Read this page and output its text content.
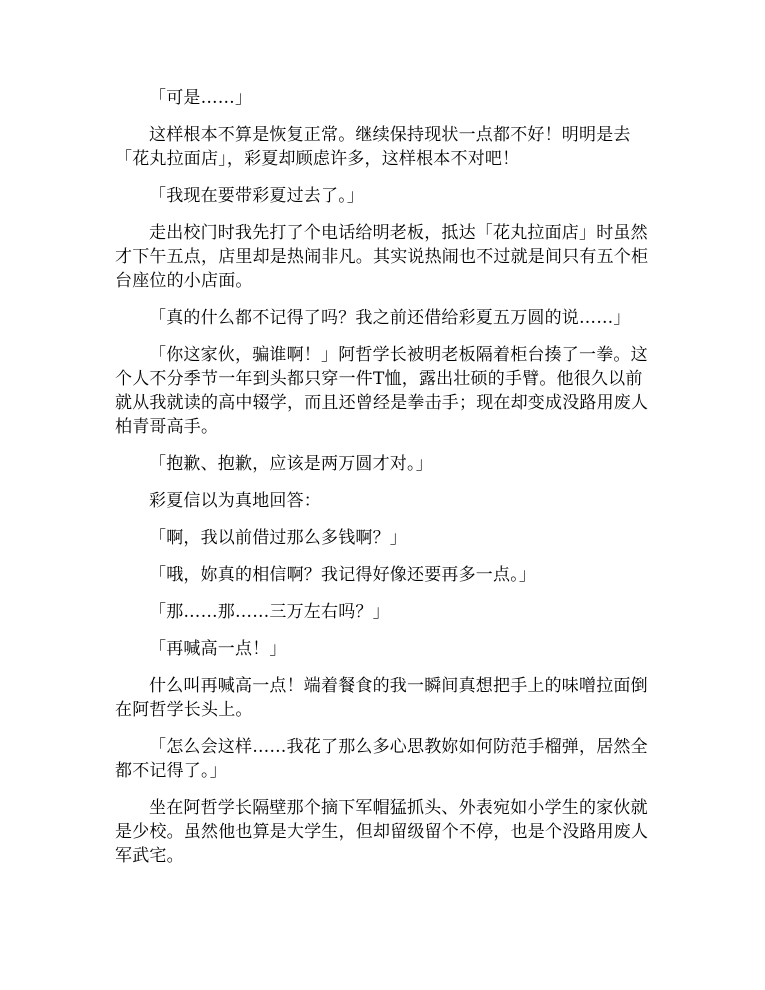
「可是……」

这样根本不算是恢复正常。继续保持现状一点都不好！明明是去「花丸拉面店」，彩夏却顾虑许多，这样根本不对吧！

「我现在要带彩夏过去了。」

走出校门时我先打了个电话给明老板，抵达「花丸拉面店」时虽然才下午五点，店里却是热闹非凡。其实说热闹也不过就是间只有五个柜台座位的小店面。

「真的什么都不记得了吗？我之前还借给彩夏五万圆的说……」

「你这家伙，骗谁啊！」阿哲学长被明老板隔着柜台揍了一拳。这个人不分季节一年到头都只穿一件T恤，露出壮硕的手臂。他很久以前就从我就读的高中辍学，而且还曾经是拳击手；现在却变成没路用废人柏青哥高手。

「抱歉、抱歉，应该是两万圆才对。」

彩夏信以为真地回答：

「啊，我以前借过那么多钱啊？」

「哦，妳真的相信啊？我记得好像还要再多一点。」

「那……那……三万左右吗？」

「再喊高一点！」

什么叫再喊高一点！端着餐食的我一瞬间真想把手上的味噌拉面倒在阿哲学长头上。

「怎么会这样……我花了那么多心思教妳如何防范手榴弹，居然全都不记得了。」

坐在阿哲学长隔壁那个摘下军帽猛抓头、外表宛如小学生的家伙就是少校。虽然他也算是大学生，但却留级留个不停，也是个没路用废人军武宅。
